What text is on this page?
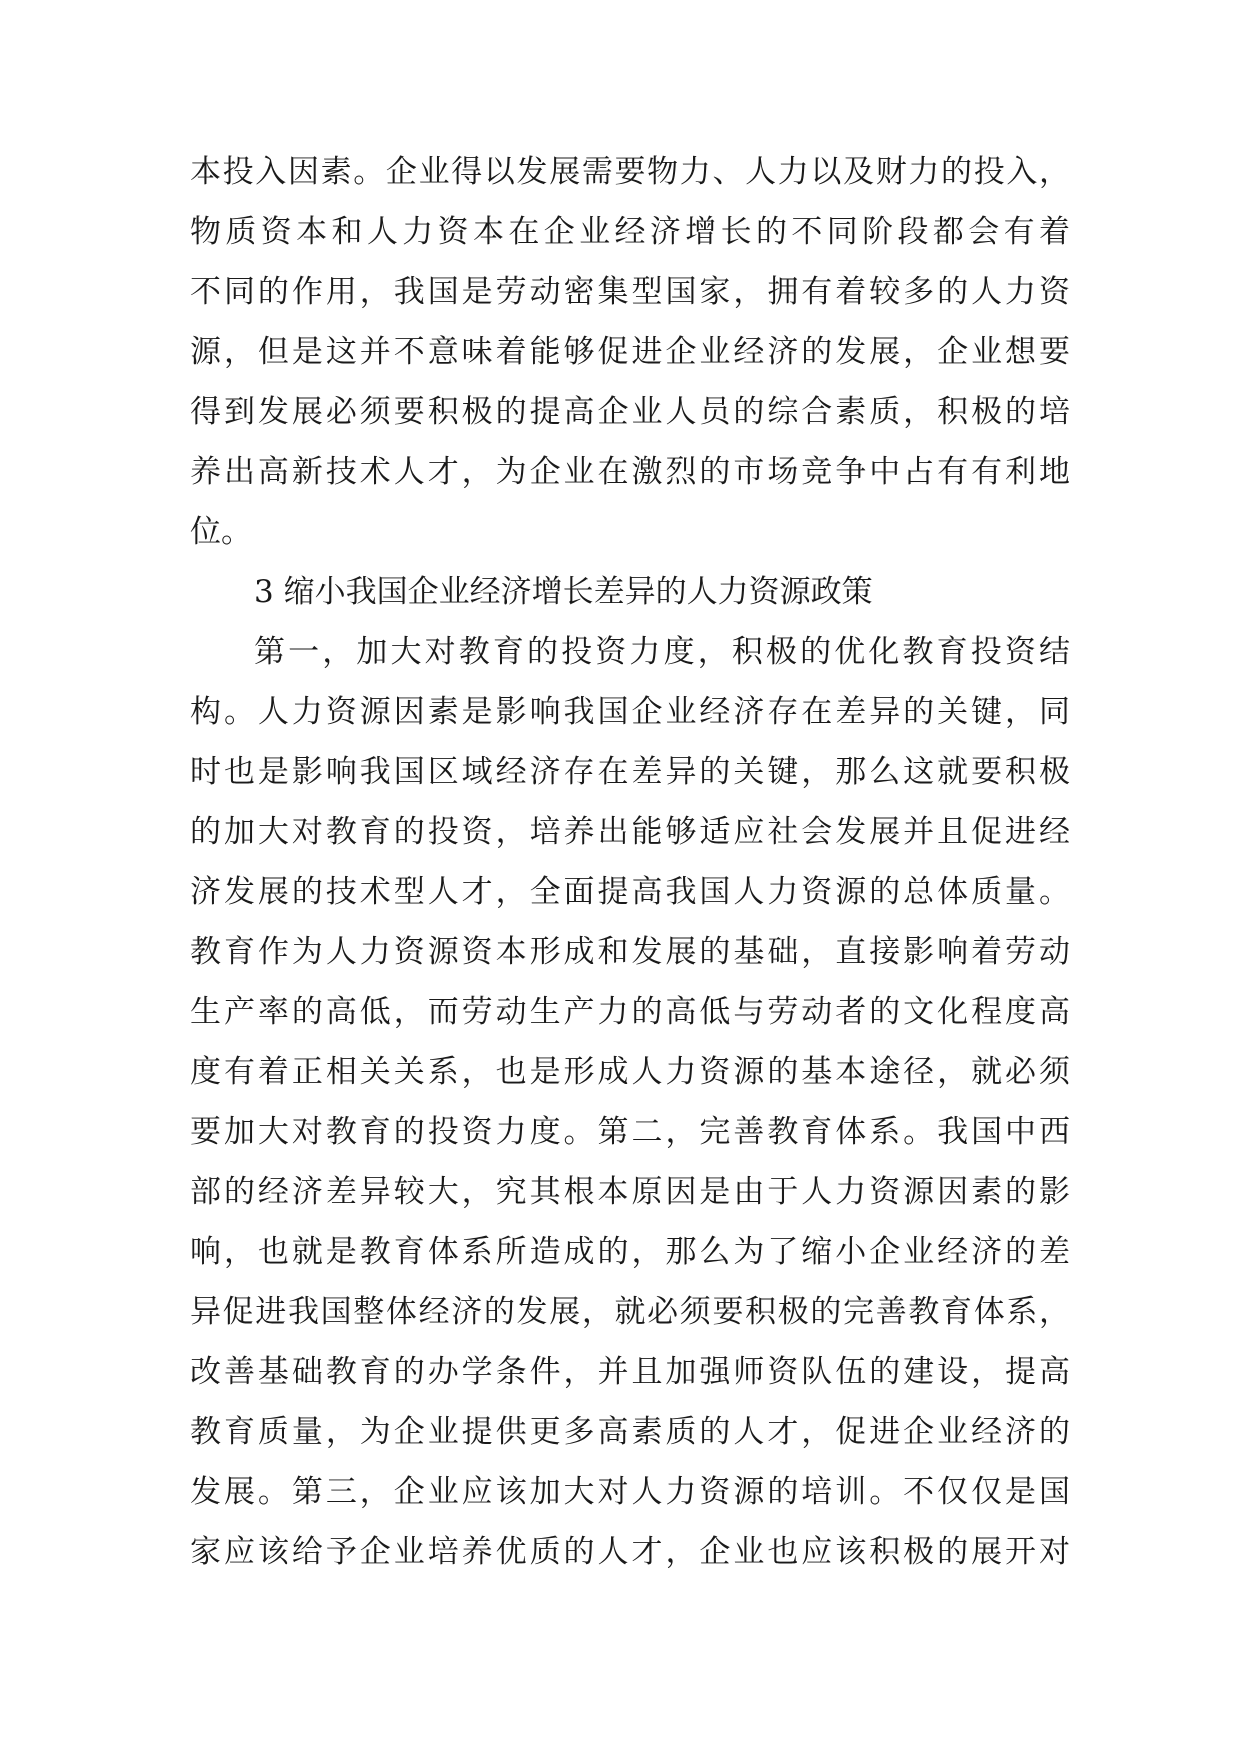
本投入因素。企业得以发展需要物力、人力以及财力的投入，
物质资本和人力资本在企业经济增长的不同阶段都会有着
不同的作用，我国是劳动密集型国家，拥有着较多的人力资
源，但是这并不意味着能够促进企业经济的发展，企业想要
得到发展必须要积极的提高企业人员的综合素质，积极的培
养出高新技术人才，为企业在激烈的市场竞争中占有有利地
位。
3 缩小我国企业经济增长差异的人力资源政策
第一，加大对教育的投资力度，积极的优化教育投资结
构。人力资源因素是影响我国企业经济存在差异的关键，同
时也是影响我国区域经济存在差异的关键，那么这就要积极
的加大对教育的投资，培养出能够适应社会发展并且促进经
济发展的技术型人才，全面提高我国人力资源的总体质量。
教育作为人力资源资本形成和发展的基础，直接影响着劳动
生产率的高低，而劳动生产力的高低与劳动者的文化程度高
度有着正相关关系，也是形成人力资源的基本途径，就必须
要加大对教育的投资力度。第二，完善教育体系。我国中西
部的经济差异较大，究其根本原因是由于人力资源因素的影
响，也就是教育体系所造成的，那么为了缩小企业经济的差
异促进我国整体经济的发展，就必须要积极的完善教育体系，
改善基础教育的办学条件，并且加强师资队伍的建设，提高
教育质量，为企业提供更多高素质的人才，促进企业经济的
发展。第三，企业应该加大对人力资源的培训。不仅仅是国
家应该给予企业培养优质的人才，企业也应该积极的展开对
